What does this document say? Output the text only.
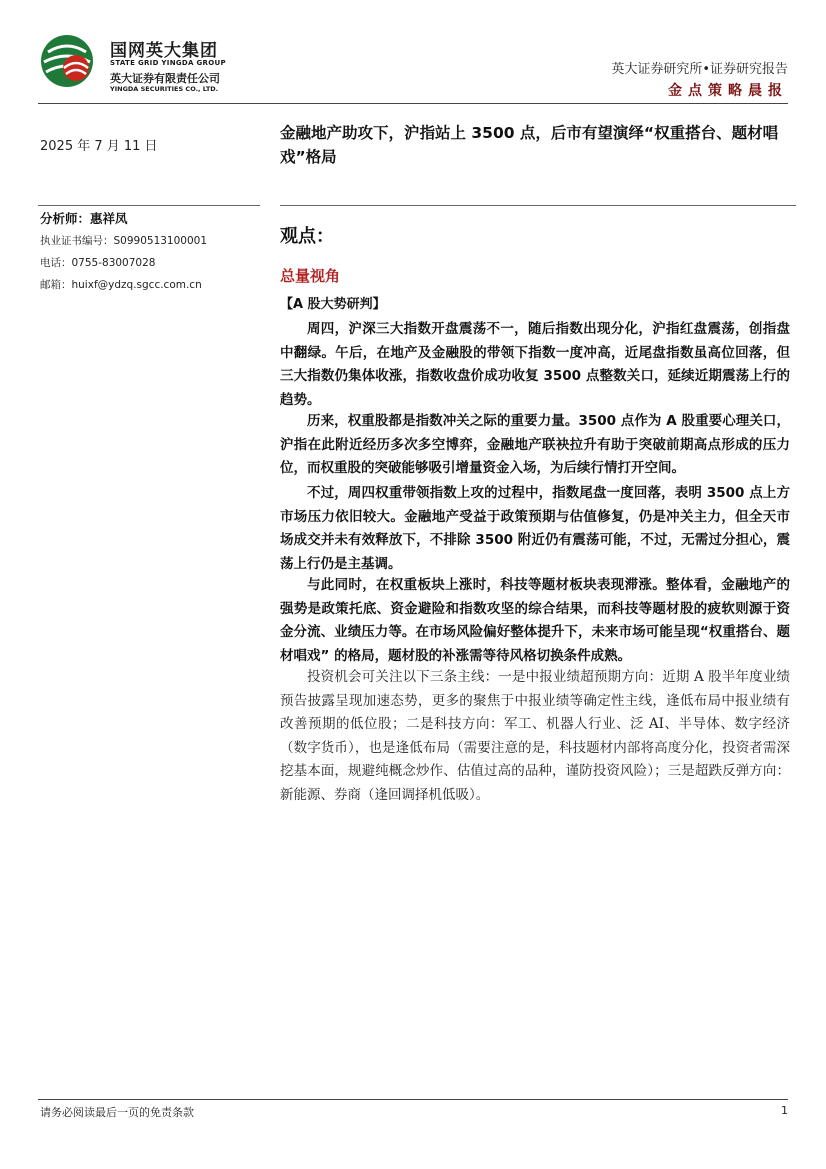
国网英大集团
STATE GRID YINGDA GROUP
英大证券有限责任公司
YINGDA SECURITIES CO., LTD.
英大证券研究所•证券研究报告
金点策略晨报
2025 年 7 月 11 日
金融地产助攻下，沪指站上 3500 点，后市有望演绎“权重搭台、题材唱戏”格局
分析师：惠祥凤
执业证书编号：S0990513100001
电话：0755-83007028
邮箱：huixf@ydzq.sgcc.com.cn
观点：
总量视角
【A 股大势研判】
周四，沪深三大指数开盘震荡不一，随后指数出现分化，沪指红盘震荡，创指盘中翻绿。午后，在地产及金融股的带领下指数一度冲高，近尾盘指数虽高位回落，但三大指数仍集体收涨，指数收盘价成功收复 3500 点整数关口，延续近期震荡上行的趋势。
历来，权重股都是指数冲关之际的重要力量。3500 点作为 A 股重要心理关口，沪指在此附近经历多次多空博弈，金融地产联袂拉升有助于突破前期高点形成的压力位，而权重股的突破能够吸引增量资金入场，为后续行情打开空间。
不过，周四权重带领指数上攻的过程中，指数尾盘一度回落，表明 3500 点上方市场压力依旧较大。金融地产受益于政策预期与估值修复，仍是冲关主力，但全天市场成交并未有效释放下，不排除 3500 附近仍有震荡可能，不过，无需过分担心，震荡上行仍是主基调。
与此同时，在权重板块上涨时，科技等题材板块表现滞涨。整体看，金融地产的强势是政策托底、资金避险和指数攻坚的综合结果，而科技等题材股的疲软则源于资金分流、业绩压力等。在市场风险偏好整体提升下，未来市场可能呈现“权重搭台、题材唱戏” 的格局，题材股的补涨需等待风格切换条件成熟。
投资机会可关注以下三条主线：一是中报业绩超预期方向：近期 A 股半年度业绩预告披露呈现加速态势，更多的聚焦于中报业绩等确定性主线，逢低布局中报业绩有改善预期的低位股；二是科技方向：军工、机器人行业、泛 AI、半导体、数字经济（数字货币），也是逢低布局（需要注意的是，科技题材内部将高度分化，投资者需深挖基本面，规避纯概念炒作、估值过高的品种，谨防投资风险）；三是超跌反弹方向：新能源、券商（逢回调择机低吸）。
请务必阅读最后一页的免责条款	1
